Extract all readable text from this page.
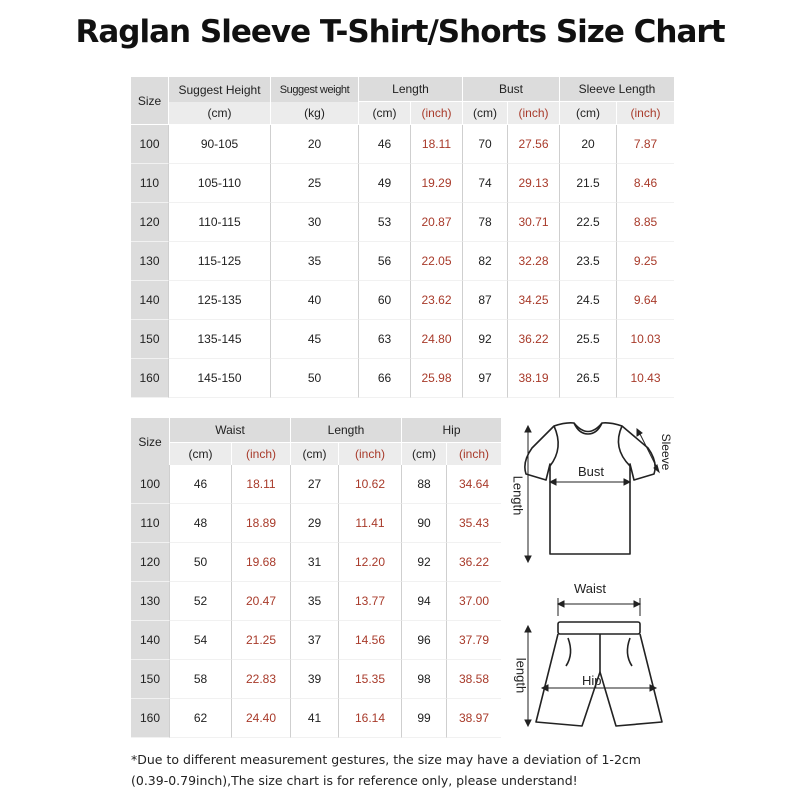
Raglan Sleeve T-Shirt/Shorts Size Chart
Size	Suggest Height	Suggest weight	Length		Bust		Sleeve Length	
	(cm)	(kg)	(cm)	(inch)	(cm)	(inch)	(cm)	(inch)

100	90-105	20	46	18.11	70	27.56	20	7.87
110	105-110	25	49	19.29	74	29.13	21.5	8.46
120	110-115	30	53	20.87	78	30.71	22.5	8.85
130	115-125	35	56	22.05	82	32.28	23.5	9.25
140	125-135	40	60	23.62	87	34.25	24.5	9.64
150	135-145	45	63	24.80	92	36.22	25.5	10.03
160	145-150	50	66	25.98	97	38.19	26.5	10.43
Size	Waist		Length		Hip	
	(cm)	(inch)	(cm)	(inch)	(cm)	(inch)
100	46	18.11	27	10.62	88	34.64
110	48	18.89	29	11.41	90	35.43
120	50	19.68	31	12.20	92	36.22
130	52	20.47	35	13.77	94	37.00
140	54	21.25	37	14.56	96	37.79
150	58	22.83	39	15.35	98	38.58
160	62	24.40	41	16.14	99	38.97
Bust
Length
Sleeve
Waist
Hip
length
*Due to different measurement gestures, the size may have a deviation of 1-2cm
(0.39-0.79inch),The size chart is for reference only, please understand!
